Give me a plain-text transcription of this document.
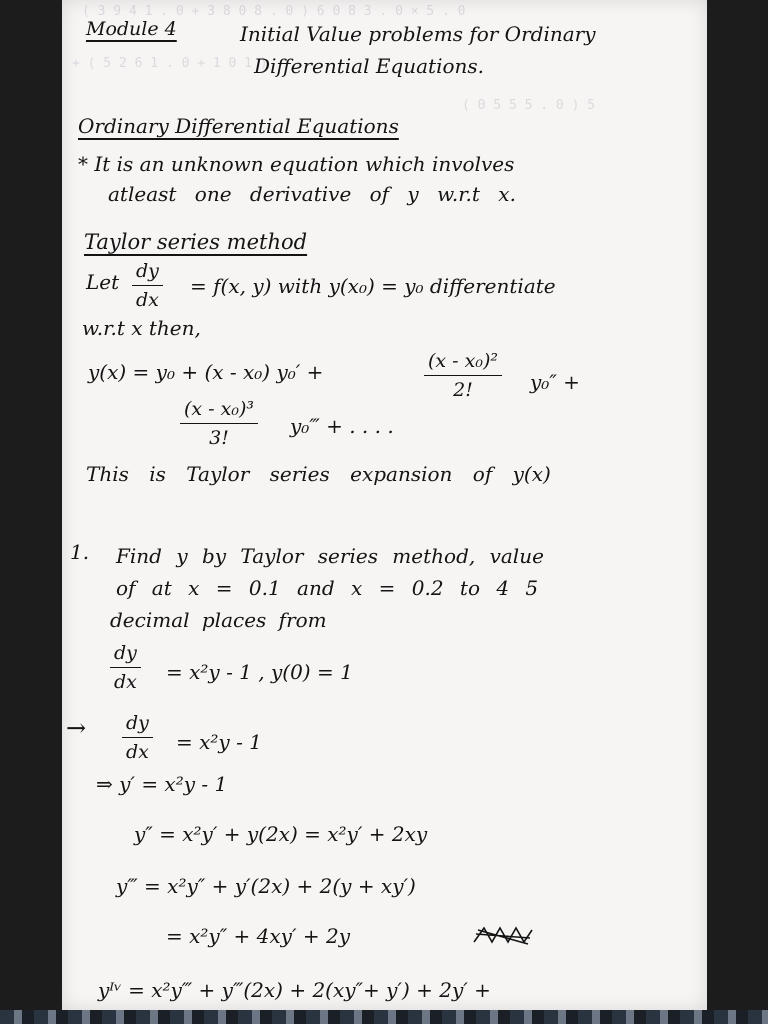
( 3 9 4 1 . 0 + 3 8 0 8 . 0 ) 6 0 8 3 . 0 × 5 . 0
+ ( 5 2 6 1 . 0 + 1 0 1 )
( 0 5 5 5 . 0 ) 5
Module 4	Initial Value problems for Ordinary
Differential Equations.
Ordinary Differential Equations
* It is an unknown equation which involves
atleast one derivative of y w.r.t x.
Taylor series method
Let $\frac{dy}{dx} = f(x$, y) with y(x₀) = y₀ differentiate
w.r.t x then,
y(x) = y₀ + (x - x₀) y₀′ +	$\frac{\text{(x - x₀)²}}{2!} y_0''$ +
$\frac{\text{(x - x₀)³}}{3!}$ y₀‴ + . . . .
This is Taylor series expansion of y(x)
1. Find y by Taylor series method, value
of at x = 0.1 and x = 0.2 to 4 5
decimal places from
$\frac{dy}{dx} = x^2y - 1$ , y(0) = 1
→ $\frac{dy}{dx} = x^2y - 1$
⇒ y′ = x²y - 1
y″ = x²y′ + y(2x) = x²y′ + 2xy
y‴ = x²y″ + y′(2x) + 2(y + xy′)
= x²y″ + 4xy′ + 2y
yᴵᵛ = x²y‴ + y‴(2x) + 2(xy″+ y′) + 2y′ +
